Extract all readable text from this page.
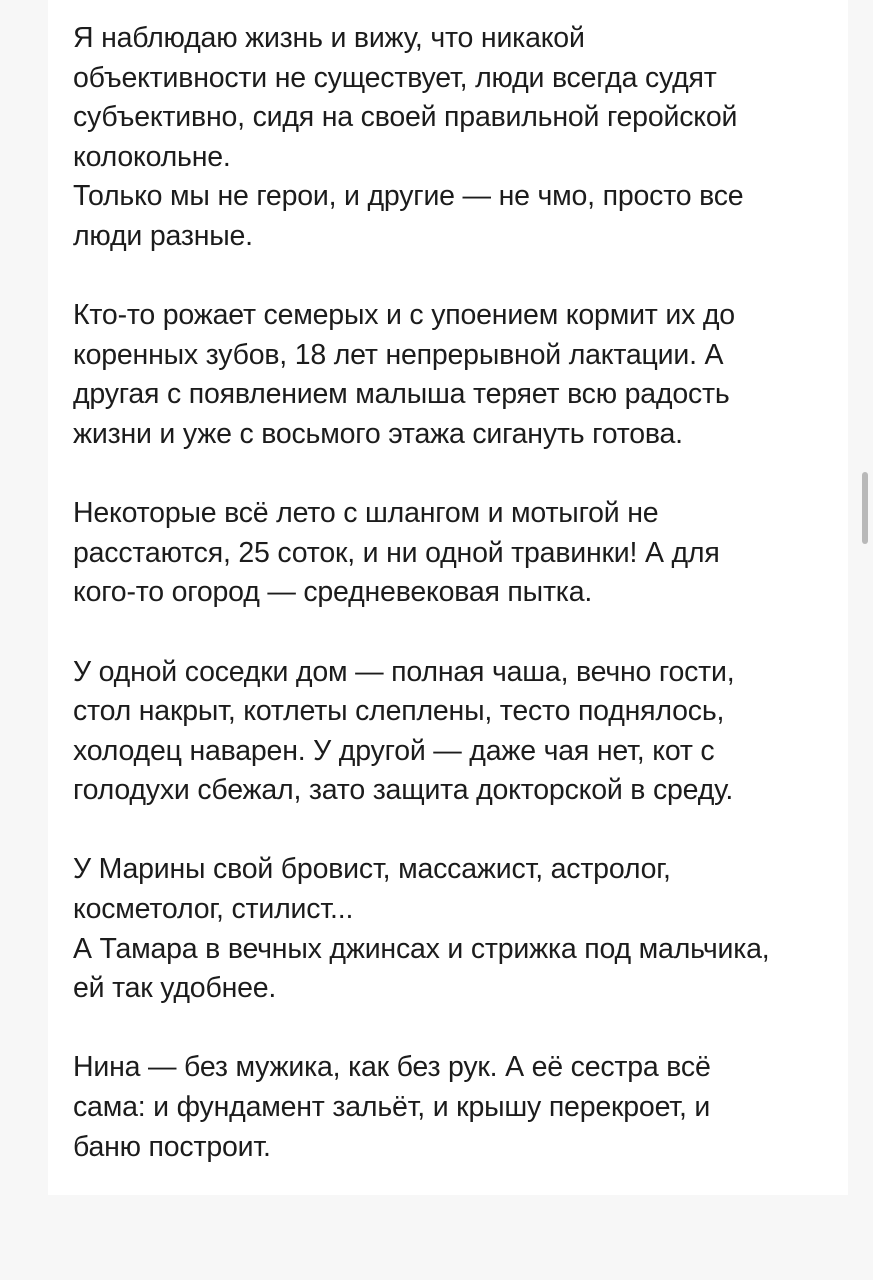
Я наблюдаю жизнь и вижу, что никакой
объективности не существует, люди всегда судят
субъективно, сидя на своей правильной геройской
колокольне.
Только мы не герои, и другие — не чмо, просто все
люди разные.

Кто-то рожает семерых и с упоением кормит их до
коренных зубов, 18 лет непрерывной лактации. А
другая с появлением малыша теряет всю радость
жизни и уже с восьмого этажа сигануть готова.

Некоторые всё лето с шлангом и мотыгой не
расстаются, 25 соток, и ни одной травинки! А для
кого-то огород — средневековая пытка.

У одной соседки дом — полная чаша, вечно гости,
стол накрыт, котлеты слеплены, тесто поднялось,
холодец наварен. У другой — даже чая нет, кот с
голодухи сбежал, зато защита докторской в среду.

У Марины свой бровист, массажист, астролог,
косметолог, стилист...
А Тамара в вечных джинсах и стрижка под мальчика,
ей так удобнее.

Нина — без мужика, как без рук. А её сестра всё
сама: и фундамент зальёт, и крышу перекроет, и
баню построит.
